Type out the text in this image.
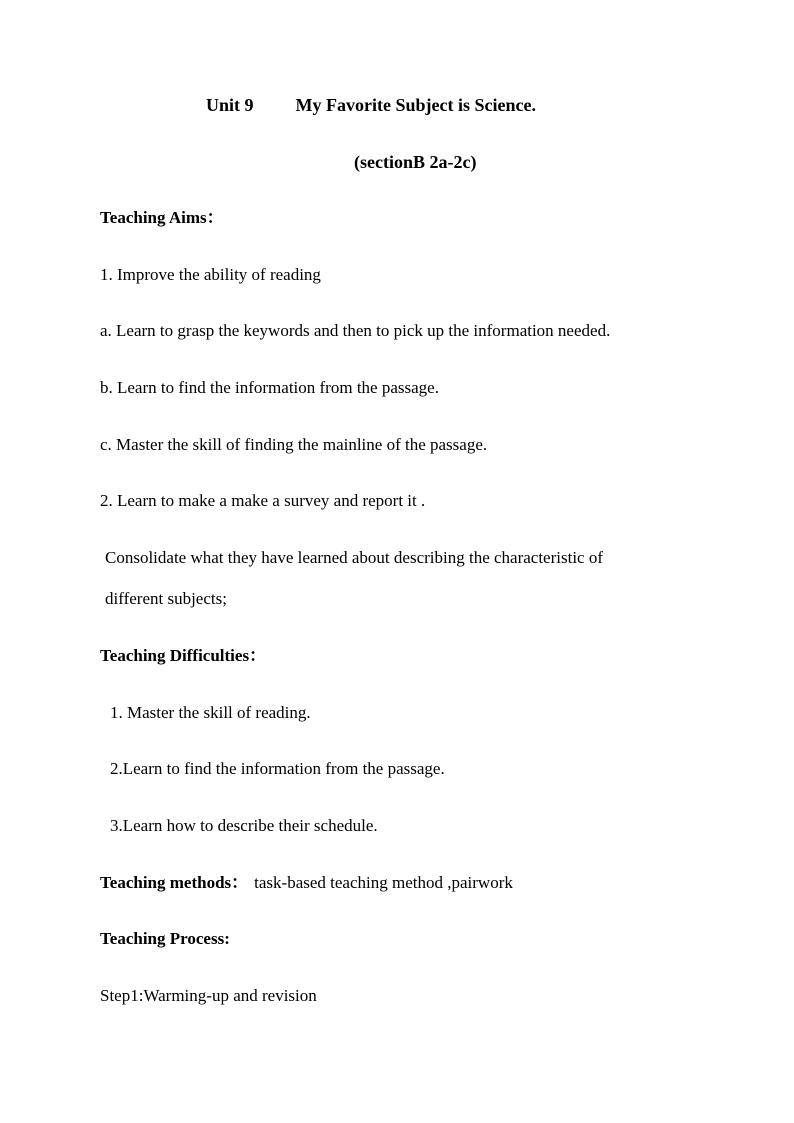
Unit 9 My Favorite Subject is Science.
(sectionB 2a-2c)
Teaching Aims：
1. Improve the ability of reading
a. Learn to grasp the keywords and then to pick up the information needed.
b. Learn to find the information from the passage.
c. Master the skill of finding the mainline of the passage.
2. Learn to make a make a survey and report it .
Consolidate what they have learned about describing the characteristic of
different subjects;
Teaching Difficulties：
1. Master the skill of reading.
2.Learn to find the information from the passage.
3.Learn how to describe their schedule.
Teaching methods： task-based teaching method ,pairwork
Teaching Process:
Step1:Warming-up and revision
